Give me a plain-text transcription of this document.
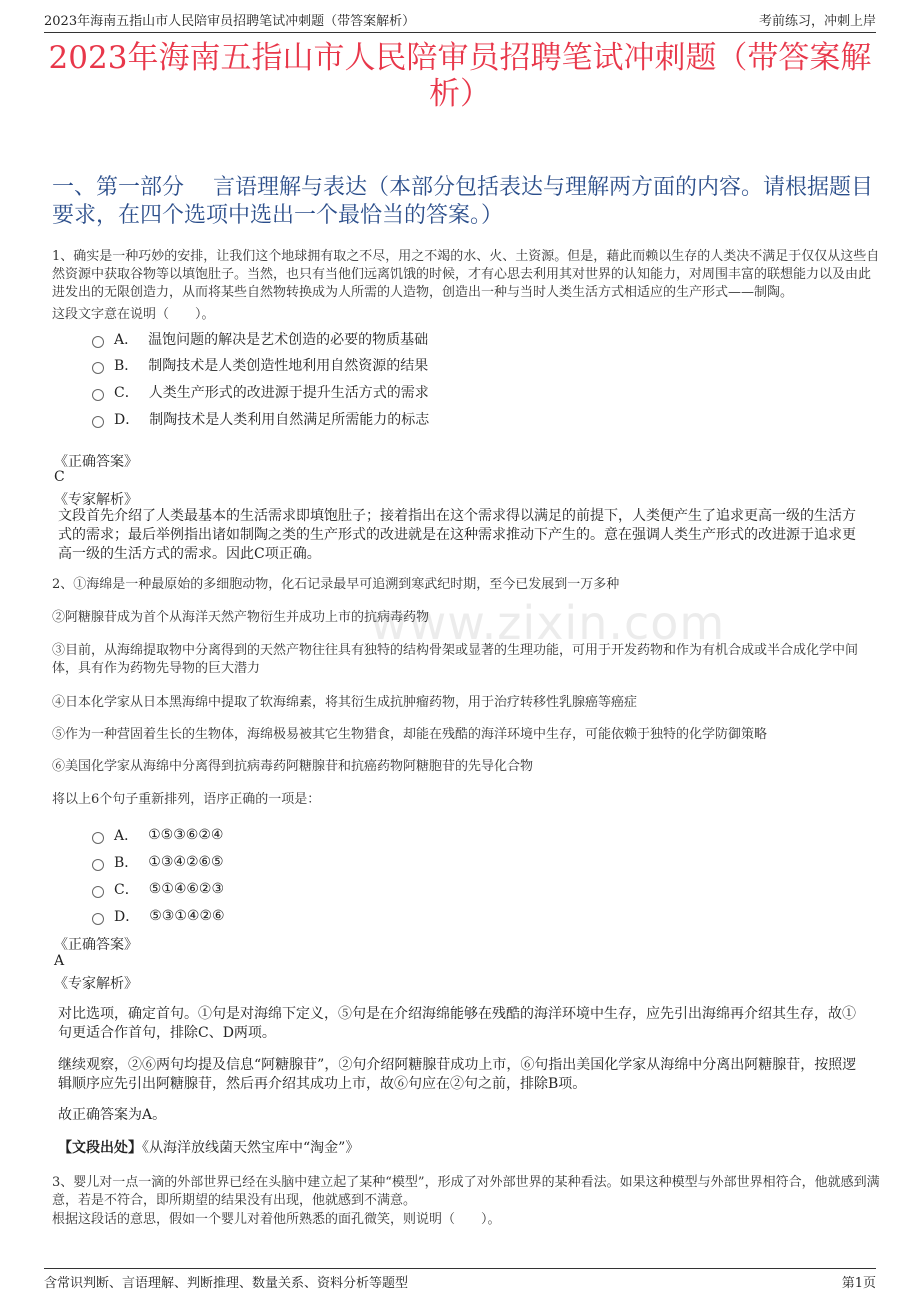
2023年海南五指山市人民陪审员招聘笔试冲刺题（带答案解析）	考前练习，冲刺上岸
www.zixin.com
2023年海南五指山市人民陪审员招聘笔试冲刺题（带答案解析）
一、第一部分　 言语理解与表达（本部分包括表达与理解两方面的内容。请根据题目要求，在四个选项中选出一个最恰当的答案。）
1、确实是一种巧妙的安排，让我们这个地球拥有取之不尽，用之不竭的水、火、土资源。但是，藉此而赖以生存的人类决不满足于仅仅从这些自然资源中获取谷物等以填饱肚子。当然，也只有当他们远离饥饿的时候，才有心思去利用其对世界的认知能力，对周围丰富的联想能力以及由此进发出的无限创造力，从而将某些自然物转换成为人所需的人造物，创造出一种与当时人类生活方式相适应的生产形式——制陶。
这段文字意在说明（　　）。
A． 温饱问题的解决是艺术创造的必要的物质基础
B． 制陶技术是人类创造性地利用自然资源的结果
C． 人类生产形式的改进源于提升生活方式的需求
D． 制陶技术是人类利用自然满足所需能力的标志
《正确答案》
C
《专家解析》
文段首先介绍了人类最基本的生活需求即填饱肚子；接着指出在这个需求得以满足的前提下，人类便产生了追求更高一级的生活方式的需求；最后举例指出诸如制陶之类的生产形式的改进就是在这种需求推动下产生的。意在强调人类生产形式的改进源于追求更高一级的生活方式的需求。因此C项正确。
2、①海绵是一种最原始的多细胞动物，化石记录最早可追溯到寒武纪时期，至今已发展到一万多种
②阿糖腺苷成为首个从海洋天然产物衍生并成功上市的抗病毒药物
③目前，从海绵提取物中分离得到的天然产物往往具有独特的结构骨架或显著的生理功能，可用于开发药物和作为有机合成或半合成化学中间体，具有作为药物先导物的巨大潜力
④日本化学家从日本黑海绵中提取了软海绵素，将其衍生成抗肿瘤药物，用于治疗转移性乳腺癌等癌症
⑤作为一种营固着生长的生物体，海绵极易被其它生物猎食，却能在残酷的海洋环境中生存，可能依赖于独特的化学防御策略
⑥美国化学家从海绵中分离得到抗病毒药阿糖腺苷和抗癌药物阿糖胞苷的先导化合物
将以上6个句子重新排列，语序正确的一项是：
A． ①⑤③⑥②④
B． ①③④②⑥⑤
C． ⑤①④⑥②③
D． ⑤③①④②⑥
《正确答案》
A
《专家解析》
对比选项，确定首句。①句是对海绵下定义，⑤句是在介绍海绵能够在残酷的海洋环境中生存，应先引出海绵再介绍其生存，故①句更适合作首句，排除C、D两项。
继续观察，②⑥两句均提及信息“阿糖腺苷”，②句介绍阿糖腺苷成功上市，⑥句指出美国化学家从海绵中分离出阿糖腺苷，按照逻辑顺序应先引出阿糖腺苷，然后再介绍其成功上市，故⑥句应在②句之前，排除B项。
故正确答案为A。
【文段出处】《从海洋放线菌天然宝库中“淘金”》
3、婴儿对一点一滴的外部世界已经在头脑中建立起了某种“模型”，形成了对外部世界的某种看法。如果这种模型与外部世界相符合，他就感到满意，若是不符合，即所期望的结果没有出现，他就感到不满意。
根据这段话的意思，假如一个婴儿对着他所熟悉的面孔微笑，则说明（　　）。
含常识判断、言语理解、判断推理、数量关系、资料分析等题型	第1页
